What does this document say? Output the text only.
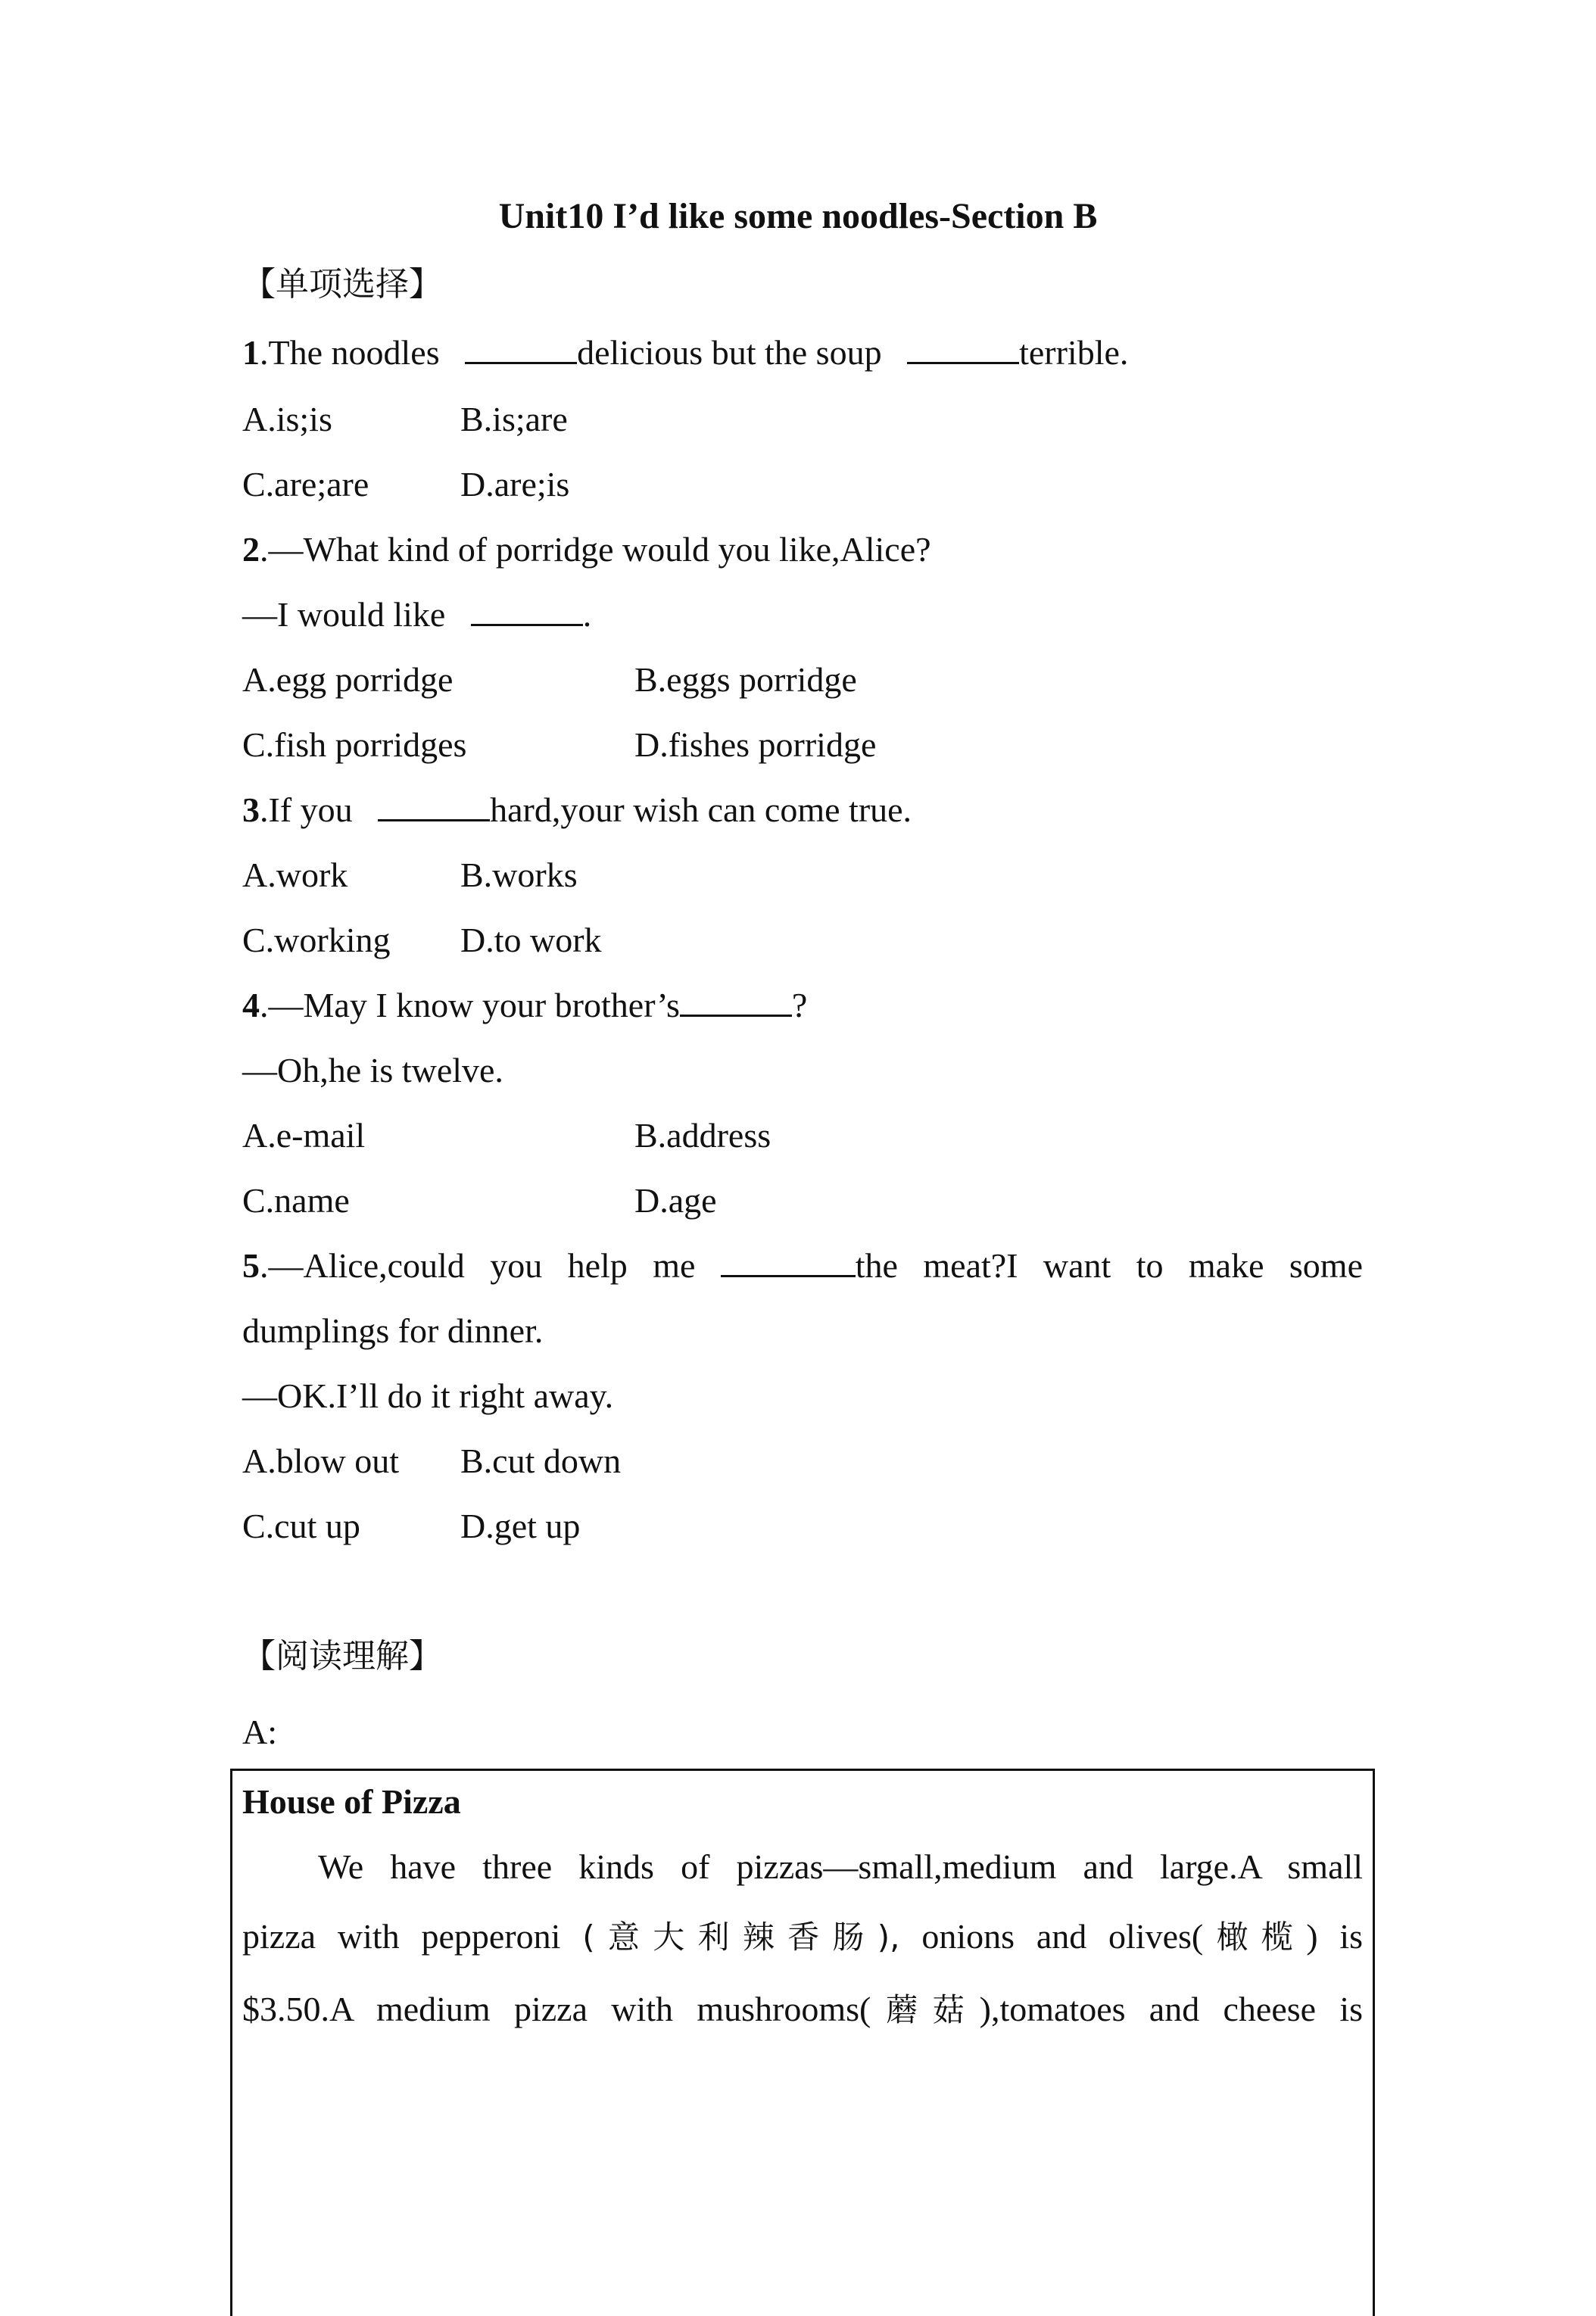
Unit10 I’d like some noodles-Section B
【单项选择】
1.The noodles	delicious but the soup	terrible.
A.is;is	B.is;are
C.are;are	D.are;is
2.—What kind of porridge would you like,Alice?
—I would like	.
A.egg porridge	B.eggs porridge
C.fish porridges	D.fishes porridge
3.If you	hard,your wish can come true.
A.work	B.works
C.working D.to work
4.—May I know your brother’s	?
—Oh,he is twelve.
A.e-mail	B.address
C.name	D.age
5.—Alice,could you help me	the meat?I want to make some
dumplings for dinner.
—OK.I’ll do it right away.
A.blow out B.cut down
C.cut up	D.get up
【阅读理解】
A:
House of Pizza
We have three kinds of pizzas—small,medium and large.A small
pizza with pepperoni (意大利辣香肠), onions and olives(橄榄) is
$3.50.A medium pizza with mushrooms(蘑菇),tomatoes and cheese is
